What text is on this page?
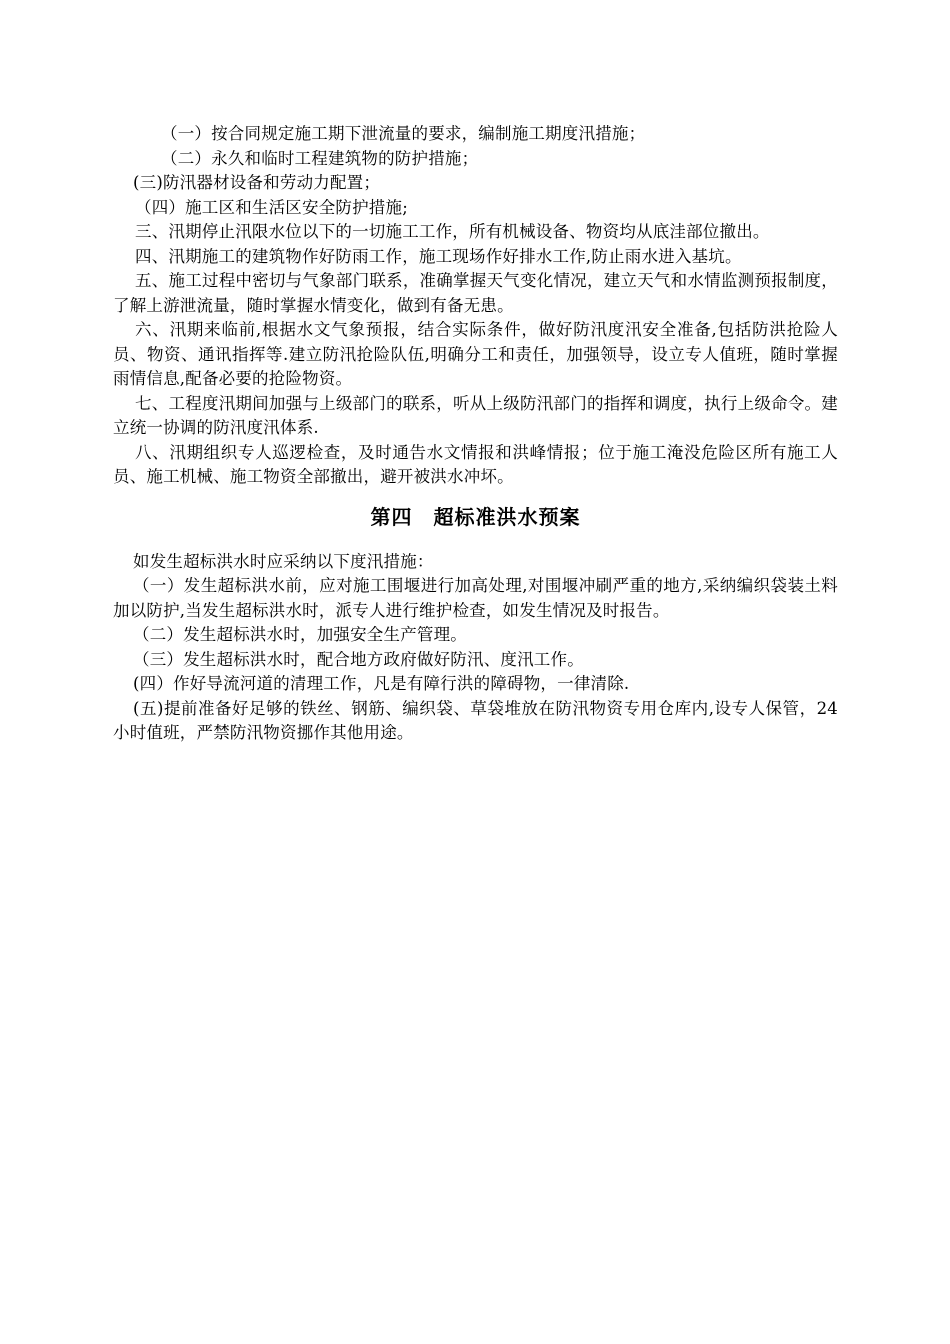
（一）按合同规定施工期下泄流量的要求，编制施工期度汛措施；

（二）永久和临时工程建筑物的防护措施；

(三)防汛器材设备和劳动力配置；

（四）施工区和生活区安全防护措施;

三、汛期停止汛限水位以下的一切施工工作，所有机械设备、物资均从底洼部位撤出。

四、汛期施工的建筑物作好防雨工作，施工现场作好排水工作,防止雨水进入基坑。

五、施工过程中密切与气象部门联系，准确掌握天气变化情况，建立天气和水情监测预报制度，了解上游泄流量，随时掌握水情变化，做到有备无患。

六、汛期来临前,根据水文气象预报，结合实际条件，做好防汛度汛安全准备,包括防洪抢险人员、物资、通讯指挥等.建立防汛抢险队伍,明确分工和责任，加强领导，设立专人值班，随时掌握雨情信息,配备必要的抢险物资。

七、工程度汛期间加强与上级部门的联系，听从上级防汛部门的指挥和调度，执行上级命令。建立统一协调的防汛度汛体系.

八、汛期组织专人巡逻检查，及时通告水文情报和洪峰情报；位于施工淹没危险区所有施工人员、施工机械、施工物资全部撤出，避开被洪水冲坏。

第四　超标准洪水预案

如发生超标洪水时应采纳以下度汛措施：

（一）发生超标洪水前，应对施工围堰进行加高处理,对围堰冲刷严重的地方,采纳编织袋装土料加以防护,当发生超标洪水时，派专人进行维护检查，如发生情况及时报告。

（二）发生超标洪水时，加强安全生产管理。

（三）发生超标洪水时，配合地方政府做好防汛、度汛工作。

(四）作好导流河道的清理工作，凡是有障行洪的障碍物，一律清除.

(五)提前准备好足够的铁丝、钢筋、编织袋、草袋堆放在防汛物资专用仓库内,设专人保管，24小时值班，严禁防汛物资挪作其他用途。
